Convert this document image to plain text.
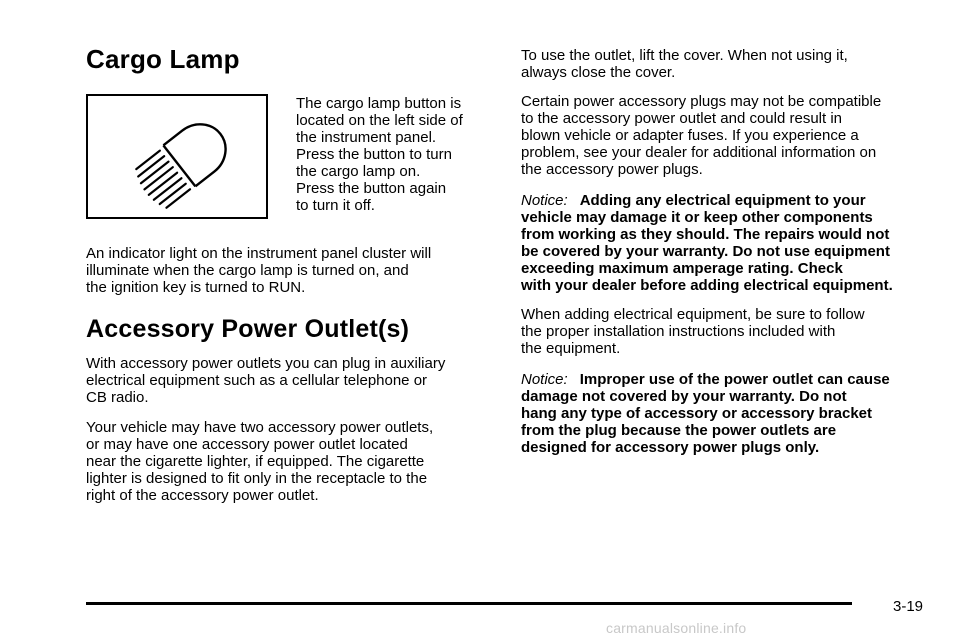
Cargo Lamp

The cargo lamp button is

located on the left side of

the instrument panel.

Press the button to turn

the cargo lamp on.

Press the button again

to turn it off.

An indicator light on the instrument panel cluster will

illuminate when the cargo lamp is turned on, and

the ignition key is turned to RUN.

Accessory Power Outlet(s)

With accessory power outlets you can plug in auxiliary

electrical equipment such as a cellular telephone or

CB radio.

Your vehicle may have two accessory power outlets,

or may have one accessory power outlet located

near the cigarette lighter, if equipped. The cigarette

lighter is designed to fit only in the receptacle to the

right of the accessory power outlet.

To use the outlet, lift the cover. When not using it,

always close the cover.

Certain power accessory plugs may not be compatible

to the accessory power outlet and could result in

blown vehicle or adapter fuses. If you experience a

problem, see your dealer for additional information on

the accessory power plugs.

Notice: Adding any electrical equipment to your

vehicle may damage it or keep other components

from working as they should. The repairs would not

be covered by your warranty. Do not use equipment

exceeding maximum amperage rating. Check

with your dealer before adding electrical equipment.

When adding electrical equipment, be sure to follow

the proper installation instructions included with

the equipment.

Notice: Improper use of the power outlet can cause

damage not covered by your warranty. Do not

hang any type of accessory or accessory bracket

from the plug because the power outlets are

designed for accessory power plugs only.

3-19
carmanualsonline.info
